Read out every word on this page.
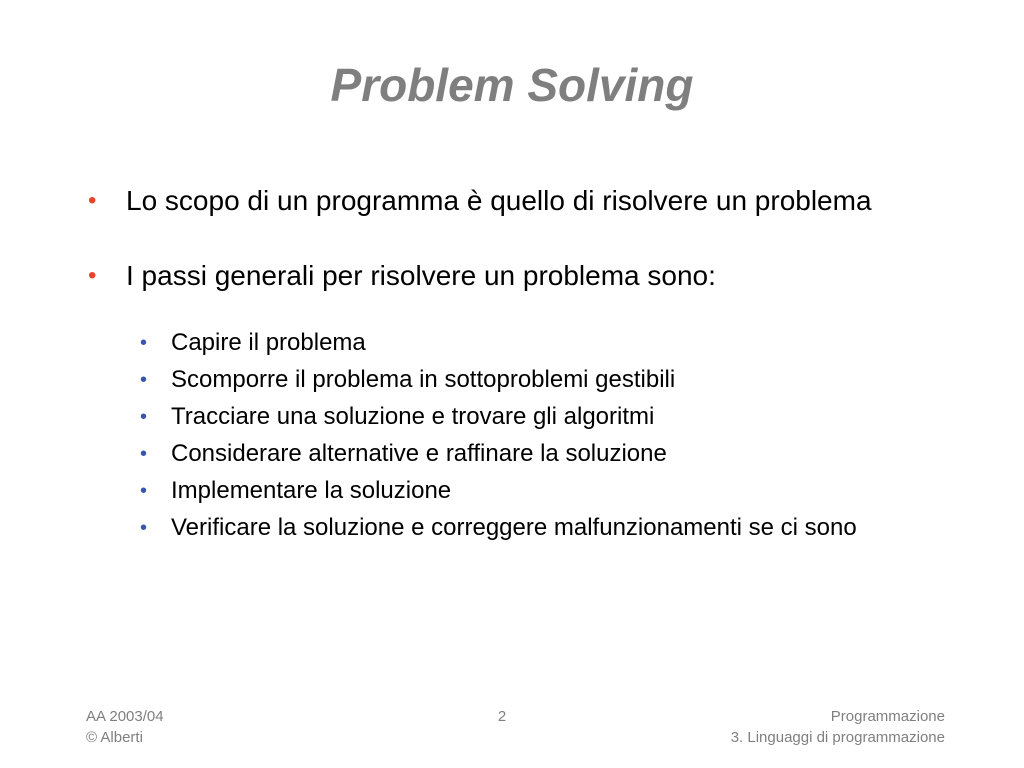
Problem Solving
• Lo scopo di un programma è quello di risolvere un problema
• I passi generali per risolvere un problema sono:
• Capire il problema
• Scomporre il problema in sottoproblemi gestibili
• Tracciare una soluzione e trovare gli algoritmi
• Considerare alternative e raffinare la soluzione
• Implementare la soluzione
• Verificare la soluzione e correggere malfunzionamenti se ci sono
AA 2003/04
© Alberti
2	Programmazione
3. Linguaggi di programmazione
